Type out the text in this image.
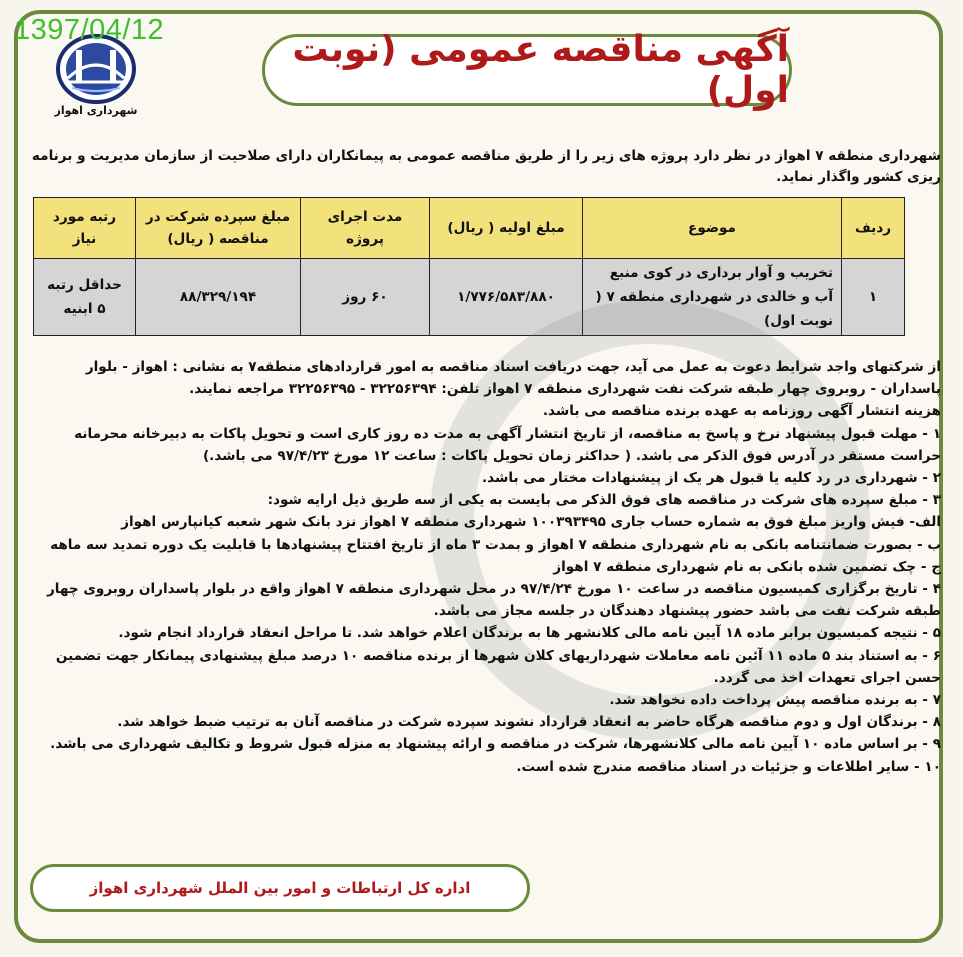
1397/04/12
شهرداری اهواز
آگهی مناقصه عمومی (نوبت اول)
شهرداری منطقه ۷ اهواز در نظر دارد پروژه های زیر را از طریق مناقصه عمومی به پیمانکاران دارای صلاحیت از سازمان مدیریت و برنامه ریزی کشور واگذار نماید.
ردیف	موضوع	مبلغ اولیه ( ریال)	مدت اجرای پروژه	مبلغ سپرده شرکت در مناقصه ( ریال)	رتبه مورد نیاز
۱	تخریب و آوار برداری در کوی منبع آب و خالدی در شهرداری منطقه ۷ ( نوبت اول)	۱/۷۷۶/۵۸۳/۸۸۰	۶۰ روز	۸۸/۳۲۹/۱۹۴	حداقل رتبه ۵ ابنیه

از شرکتهای واجد شرایط دعوت به عمل می آید، جهت دریافت اسناد مناقصه به امور قراردادهای منطقه۷ به نشانی : اهواز - بلوار پاسداران - روبروی چهار طبقه شرکت نفت شهرداری منطقه ۷ اهواز تلفن: ۳۲۲۵۶۳۹۴ - ۳۲۲۵۶۳۹۵ مراجعه نمایند.

هزینه انتشار آگهی روزنامه به عهده برنده مناقصه می باشد.

۱ - مهلت قبول پیشنهاد نرخ و پاسخ به مناقصه، از تاریخ انتشار آگهی به مدت ده روز کاری است و تحویل پاکات به دبیرخانه محرمانه حراست مستقر در آدرس فوق الذکر می باشد. ( حداکثر زمان تحویل پاکات : ساعت ۱۲ مورخ ۹۷/۴/۲۳ می باشد.)

۲ - شهرداری در رد کلیه یا قبول هر یک از پیشنهادات مختار می باشد.

۳ - مبلغ سپرده های شرکت در مناقصه های فوق الذکر می بایست به یکی از سه طریق ذیل ارایه شود:

الف- فیش واریز مبلغ فوق به شماره حساب جاری ۱۰۰۳۹۳۴۹۵ شهرداری منطقه ۷ اهواز نزد بانک شهر شعبه کیانپارس اهواز

ب - بصورت ضمانتنامه بانکی به نام شهرداری منطقه ۷ اهواز و بمدت ۳ ماه از تاریخ افتتاح پیشنهادها با قابلیت یک دوره تمدید سه ماهه

ج - چک تضمین شده بانکی به نام شهرداری منطقه ۷ اهواز

۴ - تاریخ برگزاری کمیسیون مناقصه در ساعت ۱۰ مورخ ۹۷/۴/۲۴ در محل شهرداری منطقه ۷ اهواز واقع در بلوار پاسداران روبروی چهار طبقه شرکت نفت می باشد حضور پیشنهاد دهندگان در جلسه مجاز می باشد.

۵ - نتیجه کمیسیون برابر ماده ۱۸ آیین نامه مالی کلانشهر ها به برندگان اعلام خواهد شد. تا مراحل انعقاد قرارداد انجام شود.

۶ - به استناد بند ۵ ماده ۱۱ آئین نامه معاملات شهرداریهای کلان شهرها از برنده مناقصه ۱۰ درصد مبلغ پیشنهادی پیمانکار جهت تضمین حسن اجرای تعهدات اخذ می گردد.

۷ - به برنده مناقصه پیش پرداخت داده نخواهد شد.

۸ - برندگان اول و دوم مناقصه هرگاه حاضر به انعقاد قرارداد نشوند سپرده شرکت در مناقصه آنان به ترتیب ضبط خواهد شد.

۹ - بر اساس ماده ۱۰ آیین نامه مالی کلانشهرها، شرکت در مناقصه و ارائه پیشنهاد به منزله قبول شروط و تکالیف شهرداری می باشد.

۱۰ - سایر اطلاعات و جزئیات در اسناد مناقصه مندرج شده است.

اداره کل ارتباطات و امور بین الملل شهرداری اهواز
